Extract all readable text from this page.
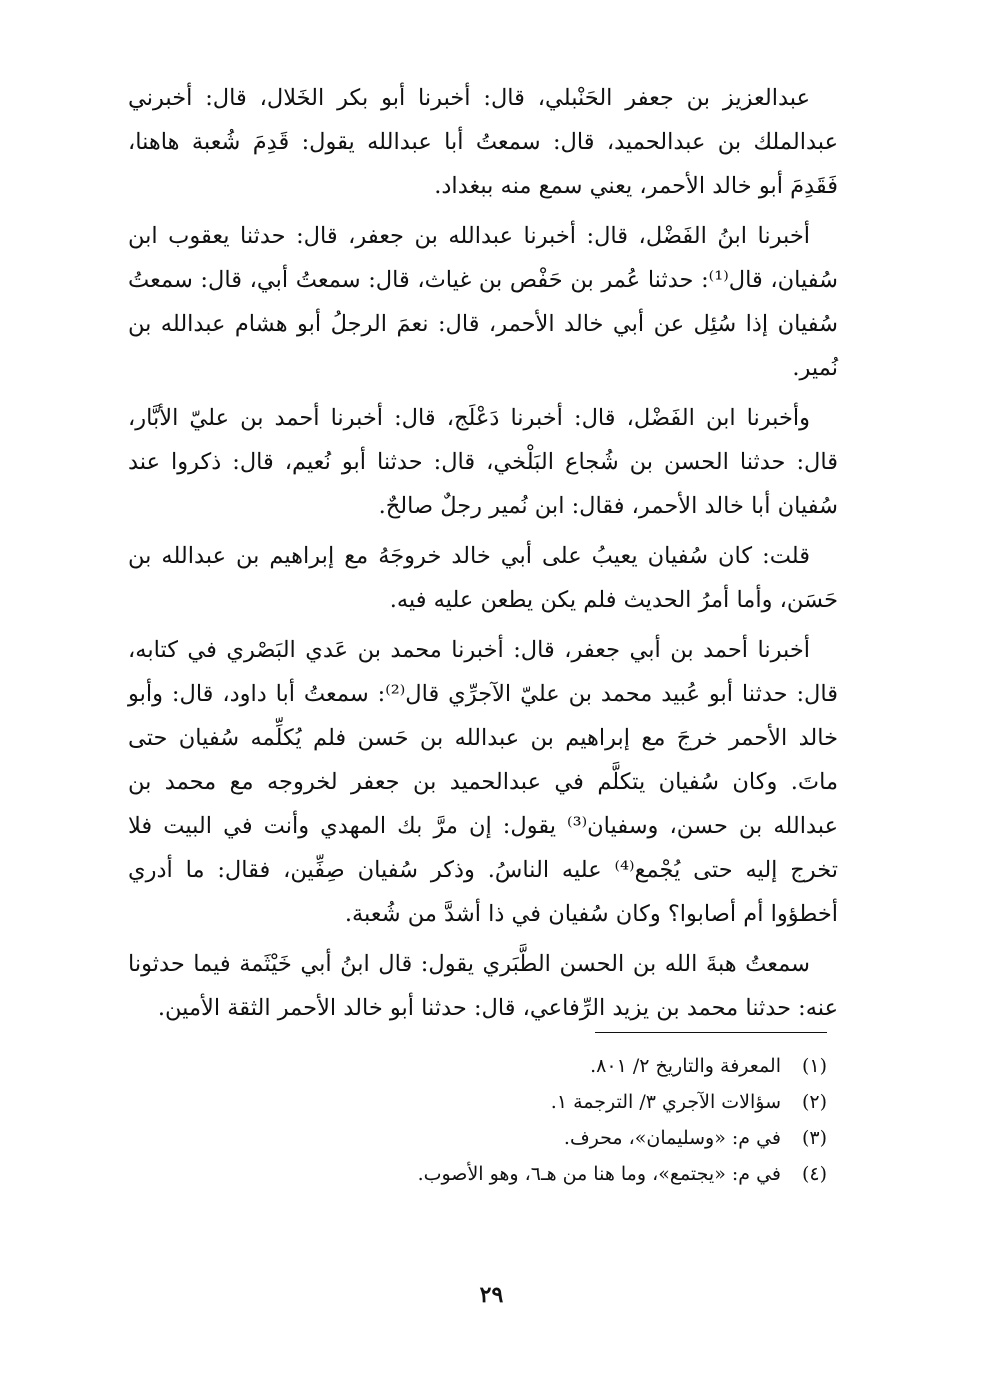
عبدالعزيز بن جعفر الحَنْبلي، قال: أخبرنا أبو بكر الخَلال، قال: أخبرني عبدالملك بن عبدالحميد، قال: سمعتُ أبا عبدالله يقول: قَدِمَ شُعبة هاهنا، فَقَدِمَ أبو خالد الأحمر، يعني سمع منه ببغداد.

أخبرنا ابنُ الفَضْل، قال: أخبرنا عبدالله بن جعفر، قال: حدثنا يعقوب ابن سُفيان، قال⁽¹⁾: حدثنا عُمر بن حَفْص بن غياث، قال: سمعتُ أبي، قال: سمعتُ سُفيان إذا سُئِل عن أبي خالد الأحمر، قال: نعمَ الرجلُ أبو هشام عبدالله بن نُمير.

وأخبرنا ابن الفَضْل، قال: أخبرنا دَعْلَج، قال: أخبرنا أحمد بن عليّ الأبَّار، قال: حدثنا الحسن بن شُجاع البَلْخي، قال: حدثنا أبو نُعيم، قال: ذكروا عند سُفيان أبا خالد الأحمر، فقال: ابن نُمير رجلٌ صالحٌ.

قلت: كان سُفيان يعيبُ على أبي خالد خروجَهُ مع إبراهيم بن عبدالله بن حَسَن، وأما أمرُ الحديث فلم يكن يطعن عليه فيه.

أخبرنا أحمد بن أبي جعفر، قال: أخبرنا محمد بن عَدي البَصْري في كتابه، قال: حدثنا أبو عُبيد محمد بن عليّ الآجرِّي قال⁽²⁾: سمعتُ أبا داود، قال: وأبو خالد الأحمر خرجَ مع إبراهيم بن عبدالله بن حَسن فلم يُكلِّمه سُفيان حتى ماتَ. وكان سُفيان يتكلَّم في عبدالحميد بن جعفر لخروجه مع محمد بن عبدالله بن حسن، وسفيان⁽³⁾ يقول: إن مرَّ بك المهدي وأنت في البيت فلا تخرج إليه حتى يُجْمع⁽⁴⁾ عليه الناسُ. وذكر سُفيان صِفِّين، فقال: ما أدري أخطؤوا أم أصابوا؟ وكان سُفيان في ذا أشدَّ من شُعبة.

سمعتُ هبةَ الله بن الحسن الطَّبَري يقول: قال ابنُ أبي خَيْثَمة فيما حدثونا عنه: حدثنا محمد بن يزيد الرِّفاعي، قال: حدثنا أبو خالد الأحمر الثقة الأمين.

(١)
المعرفة والتاريخ ٢/ ٨٠١.
(٢)
سؤالات الآجري ٣/ الترجمة ١.
(٣)
في م: «وسليمان»، محرف.
(٤)
في م: «يجتمع»، وما هنا من هـ٦، وهو الأصوب.
٢٩
